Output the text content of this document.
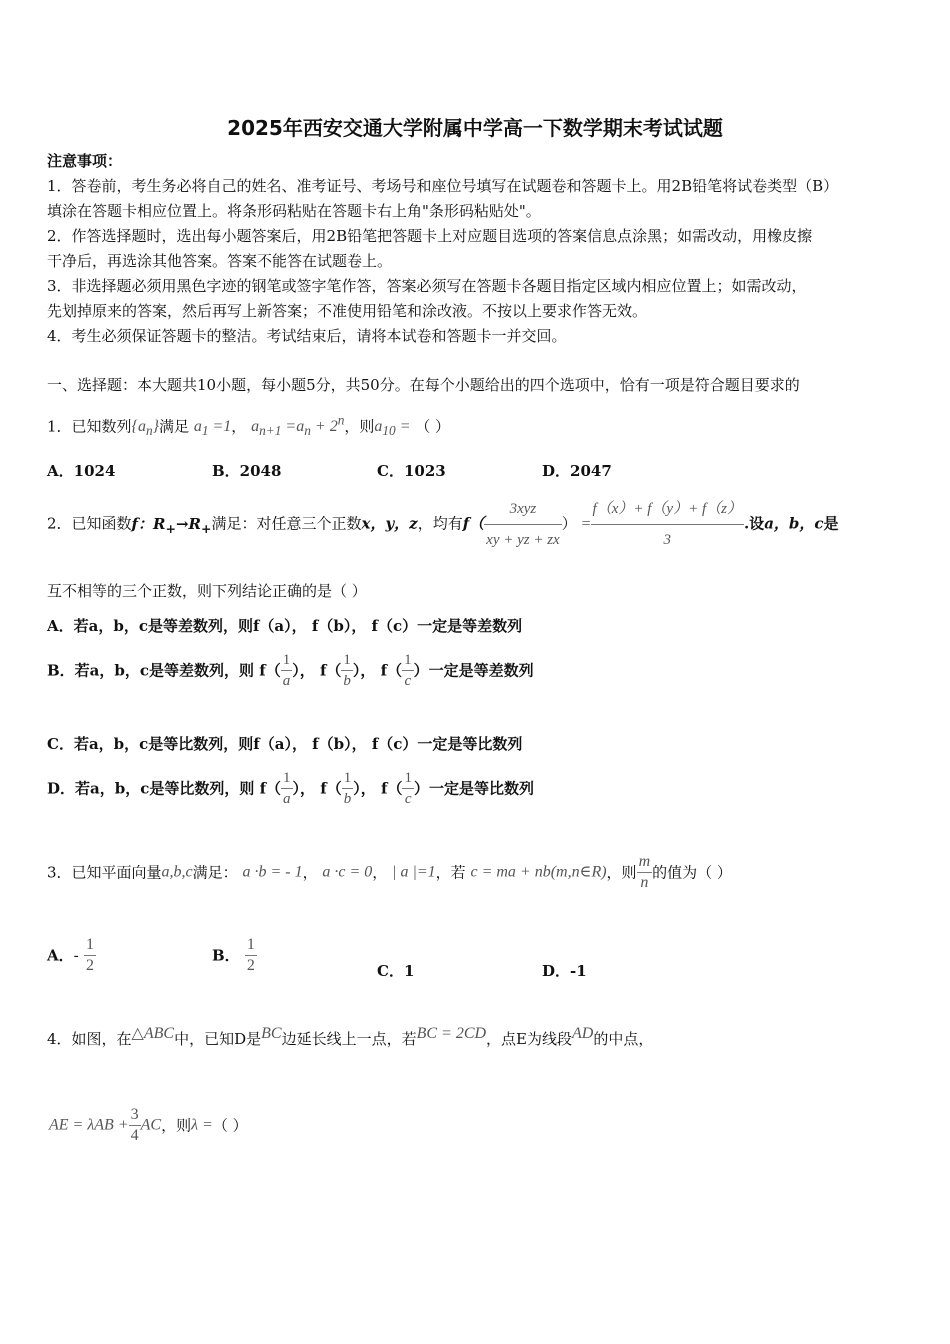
2025年西安交通大学附属中学高一下数学期末考试试题
注意事项：
1．答卷前，考生务必将自己的姓名、准考证号、考场号和座位号填写在试题卷和答题卡上。用2B铅笔将试卷类型（B）
填涂在答题卡相应位置上。将条形码粘贴在答题卡右上角"条形码粘贴处"。
2．作答选择题时，选出每小题答案后，用2B铅笔把答题卡上对应题目选项的答案信息点涂黑；如需改动，用橡皮擦
干净后，再选涂其他答案。答案不能答在试题卷上。
3．非选择题必须用黑色字迹的钢笔或签字笔作答，答案必须写在答题卡各题目指定区域内相应位置上；如需改动，
先划掉原来的答案，然后再写上新答案；不准使用铅笔和涂改液。不按以上要求作答无效。
4．考生必须保证答题卡的整洁。考试结束后，请将本试卷和答题卡一并交回。
一、选择题：本大题共10小题，每小题5分，共50分。在每个小题给出的四个选项中，恰有一项是符合题目要求的
1．已知数列$\{a_n\}$满足 $a_1 =1$， $a_{n+1} =a_n + 2^n$，则$a_{10}$ = （ ）
A．1024	B．2048	C．1023	D．2047
2．已知函数f：$R_+\to R_+$满足：对任意三个正数x，y，z，均有$f( \frac{\text{3xyz}}{xy + yz + zx}$ ） = $\frac{f(x)+ f(y)+ f(z)}{3}$ .设a，b，c是
互不相等的三个正数，则下列结论正确的是（ ）
A．若a，b，c是等差数列，则f（a）， f（b）， f（c）一定是等差数列
B．若a，b，c是等差数列，则 $f( \frac{1}{a}$ ）， $f( \frac{1}{b}$ ）， $f( \frac{1}{c}$ ）一定是等差数列
C．若a，b，c是等比数列，则f（a）， f（b）， f（c）一定是等比数列
D．若a，b，c是等比数列，则 $f( \frac{1}{a}$ ）， $f( \frac{1}{b}$ ）， $f( \frac{1}{c}$ ）一定是等比数列
3．已知平面向量a,b,c满足： a ·b = - 1， a ·c = 0， | a |=1，若 c = ma + nb(m,n∈R)，则 $\frac{m}{n}$ 的值为（ ）
A．- $\frac{1}{2}$	B． $\frac{1}{2}$	C．1	D．-1
4．如图，在△ABC中，已知D是BC边延长线上一点，若BC = 2CD，点E为线段AD的中点，
AE = $\lambda AB + \frac{3}{4}$ AC，则λ =（ ）
